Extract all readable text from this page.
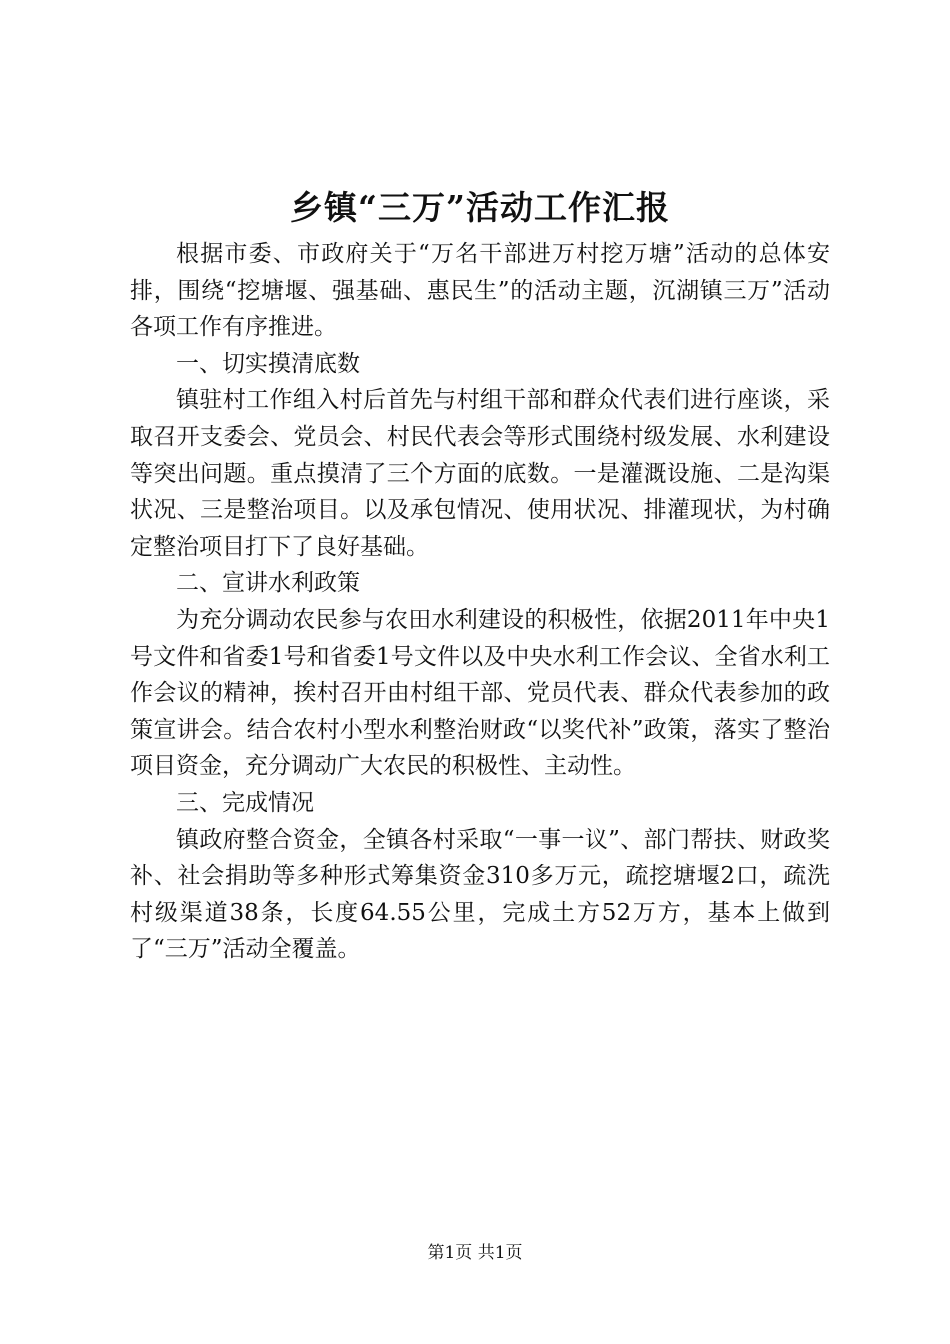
乡镇“三万”活动工作汇报

根据市委、市政府关于“万名干部进万村挖万塘”活动的总体安排，围绕“挖塘堰、强基础、惠民生”的活动主题，沉湖镇三万”活动各项工作有序推进。

一、切实摸清底数

镇驻村工作组入村后首先与村组干部和群众代表们进行座谈，采取召开支委会、党员会、村民代表会等形式围绕村级发展、水利建设等突出问题。重点摸清了三个方面的底数。一是灌溉设施、二是沟渠状况、三是整治项目。以及承包情况、使用状况、排灌现状，为村确定整治项目打下了良好基础。

二、宣讲水利政策

为充分调动农民参与农田水利建设的积极性，依据2011年中央1号文件和省委1号和省委1号文件以及中央水利工作会议、全省水利工作会议的精神，挨村召开由村组干部、党员代表、群众代表参加的政策宣讲会。结合农村小型水利整治财政“以奖代补”政策，落实了整治项目资金，充分调动广大农民的积极性、主动性。

三、完成情况

镇政府整合资金，全镇各村采取“一事一议”、部门帮扶、财政奖补、社会捐助等多种形式筹集资金310多万元，疏挖塘堰2口，疏洗村级渠道38条，长度64.55公里，完成土方52万方，基本上做到了“三万”活动全覆盖。

第1页 共1页
